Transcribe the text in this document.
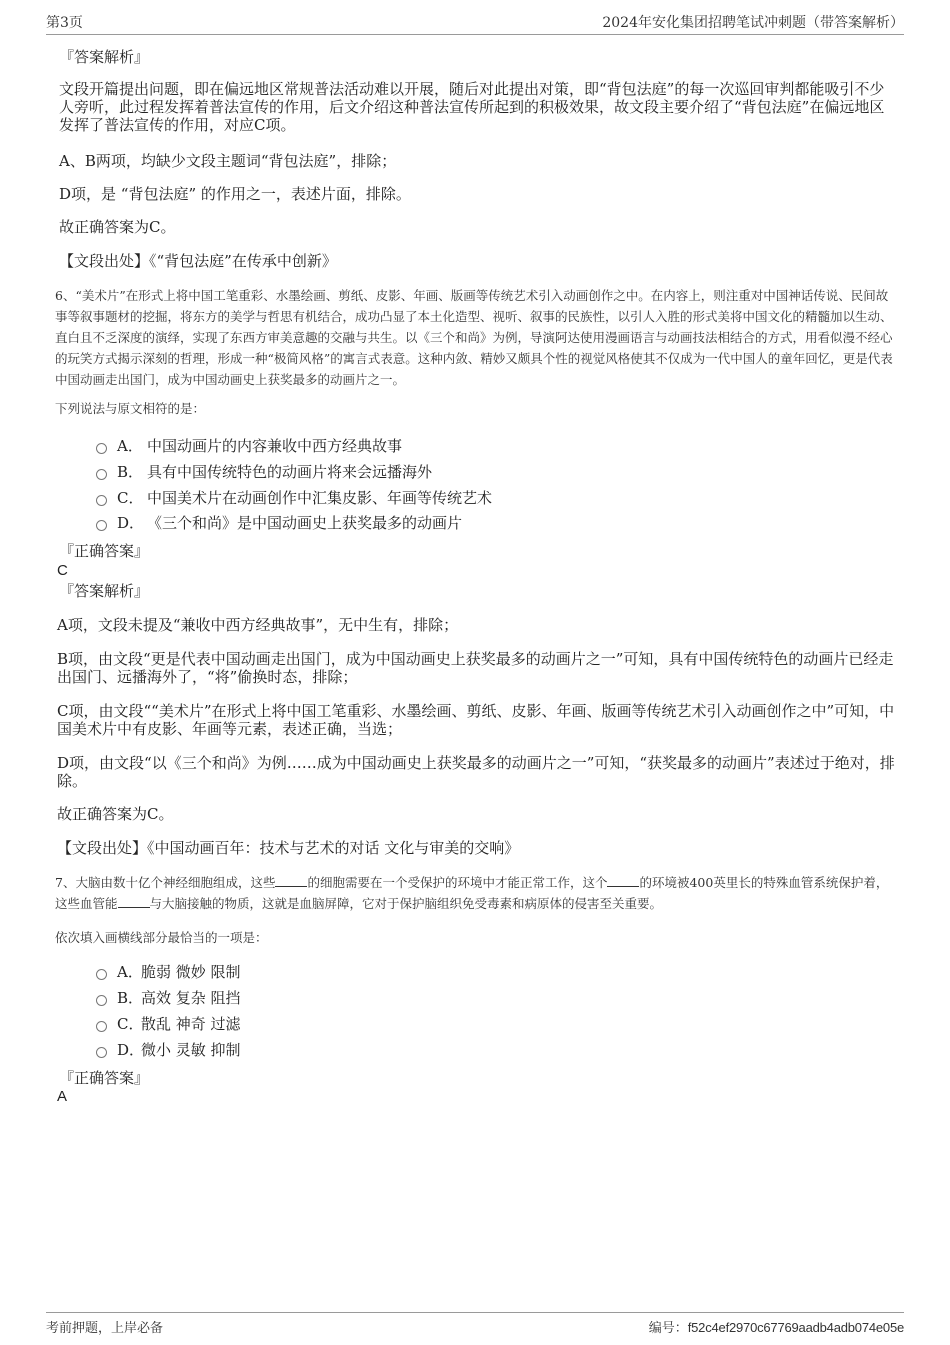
第3页	2024年安化集团招聘笔试冲刺题（带答案解析）
『答案解析』
文段开篇提出问题，即在偏远地区常规普法活动难以开展，随后对此提出对策，即“背包法庭”的每一次巡回审判都能吸引不少人旁听，此过程发挥着普法宣传的作用，后文介绍这种普法宣传所起到的积极效果，故文段主要介绍了“背包法庭”在偏远地区发挥了普法宣传的作用，对应C项。
A、B两项，均缺少文段主题词“背包法庭”，排除；
D项，是 “背包法庭” 的作用之一，表述片面，排除。
故正确答案为C。
【文段出处】《“背包法庭”在传承中创新》
6、“美术片”在形式上将中国工笔重彩、水墨绘画、剪纸、皮影、年画、版画等传统艺术引入动画创作之中。在内容上，则注重对中国神话传说、民间故事等叙事题材的挖掘，将东方的美学与哲思有机结合，成功凸显了本土化造型、视听、叙事的民族性，以引人入胜的形式美将中国文化的精髓加以生动、直白且不乏深度的演绎，实现了东西方审美意趣的交融与共生。以《三个和尚》为例，导演阿达使用漫画语言与动画技法相结合的方式，用看似漫不经心的玩笑方式揭示深刻的哲理，形成一种“极简风格”的寓言式表意。这种内敛、精妙又颇具个性的视觉风格使其不仅成为一代中国人的童年回忆，更是代表中国动画走出国门，成为中国动画史上获奖最多的动画片之一。
下列说法与原文相符的是：
A． 中国动画片的内容兼收中西方经典故事
B． 具有中国传统特色的动画片将来会远播海外
C． 中国美术片在动画创作中汇集皮影、年画等传统艺术
D． 《三个和尚》是中国动画史上获奖最多的动画片
『正确答案』
C
『答案解析』
A项，文段未提及“兼收中西方经典故事”，无中生有，排除；
B项，由文段“更是代表中国动画走出国门，成为中国动画史上获奖最多的动画片之一”可知，具有中国传统特色的动画片已经走出国门、远播海外了，“将”偷换时态，排除；
C项，由文段““美术片”在形式上将中国工笔重彩、水墨绘画、剪纸、皮影、年画、版画等传统艺术引入动画创作之中”可知，中国美术片中有皮影、年画等元素，表述正确，当选；
D项，由文段“以《三个和尚》为例……成为中国动画史上获奖最多的动画片之一”可知，“获奖最多的动画片”表述过于绝对，排除。
故正确答案为C。
【文段出处】《中国动画百年：技术与艺术的对话 文化与审美的交响》
7、大脑由数十亿个神经细胞组成，这些	的细胞需要在一个受保护的环境中才能正常工作，这个	的环境被400英里长的特殊血管系统保护着，这些血管能	与大脑接触的物质，这就是血脑屏障，它对于保护脑组织免受毒素和病原体的侵害至关重要。
依次填入画横线部分最恰当的一项是：
A．
脆弱 微妙 限制
B．
高效 复杂 阻挡
C．
散乱 神奇 过滤
D．
微小 灵敏 抑制
『正确答案』
A
考前押题，上岸必备	编号：f52c4ef2970c67769aadb4adb074e05e
